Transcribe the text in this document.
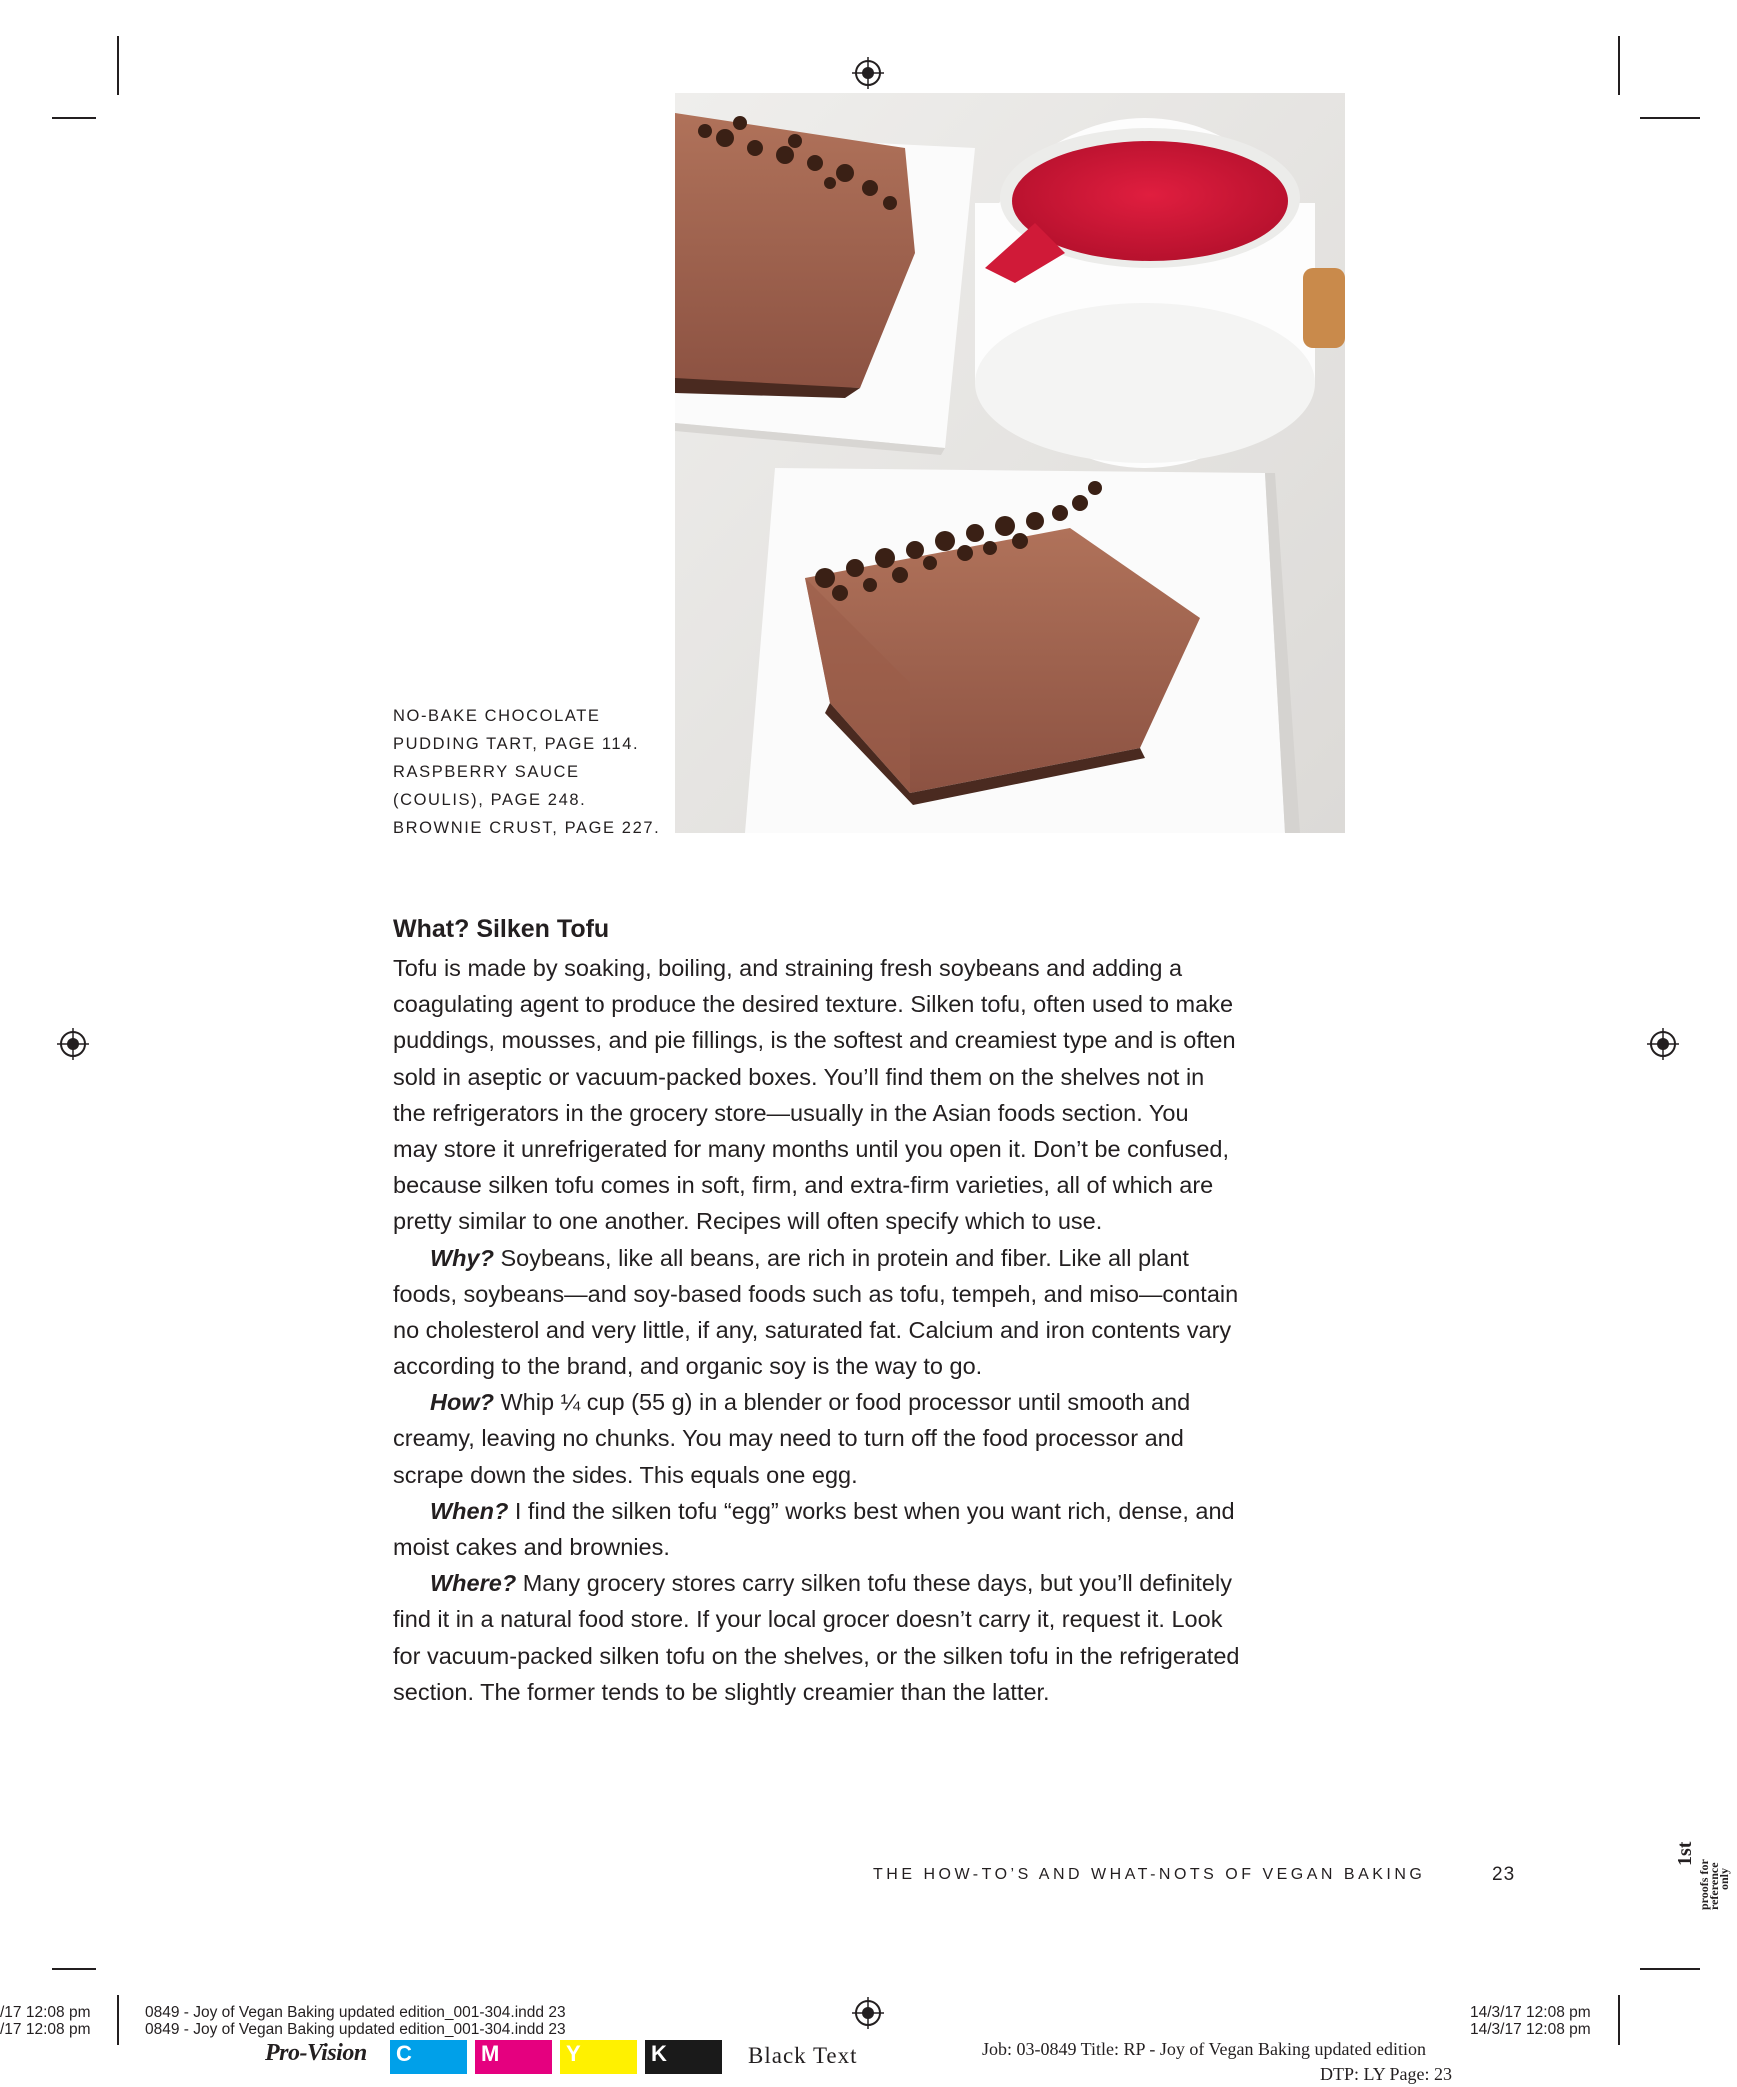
NO-BAKE CHOCOLATE
PUDDING TART, PAGE 114.
RASPBERRY SAUCE
(COULIS), PAGE 248.
BROWNIE CRUST, PAGE 227.
What? Silken Tofu
Tofu is made by soaking, boiling, and straining fresh soybeans and adding a
coagulating agent to produce the desired texture. Silken tofu, often used to make
puddings, mousses, and pie fillings, is the softest and creamiest type and is often
sold in aseptic or vacuum-packed boxes. You’ll find them on the shelves not in
the refrigerators in the grocery store—usually in the Asian foods section. You
may store it unrefrigerated for many months until you open it. Don’t be confused,
because silken tofu comes in soft, firm, and extra-firm varieties, all of which are
pretty similar to one another. Recipes will often specify which to use.
Why? Soybeans, like all beans, are rich in protein and fiber. Like all plant
foods, soybeans—and soy-based foods such as tofu, tempeh, and miso—contain
no cholesterol and very little, if any, saturated fat. Calcium and iron contents vary
according to the brand, and organic soy is the way to go.
How? Whip ¼ cup (55 g) in a blender or food processor until smooth and
creamy, leaving no chunks. You may need to turn off the food processor and
scrape down the sides. This equals one egg.
When? I find the silken tofu “egg” works best when you want rich, dense, and
moist cakes and brownies.
Where? Many grocery stores carry silken tofu these days, but you’ll definitely
find it in a natural food store. If your local grocer doesn’t carry it, request it. Look
for vacuum-packed silken tofu on the shelves, or the silken tofu in the refrigerated
section. The former tends to be slightly creamier than the latter.
THE HOW-TO’S AND WHAT-NOTS OF VEGAN BAKING	23
1st
proofs for
reference
only
/17 12:08 pm
/17 12:08 pm
0849 - Joy of Vegan Baking updated edition_001-304.indd 23
0849 - Joy of Vegan Baking updated edition_001-304.indd 23
14/3/17 12:08 pm
14/3/17 12:08 pm
Pro-Vision C	M	Y	K	Black Text	Job: 03-0849 Title: RP - Joy of Vegan Baking updated edition
DTP: LY Page: 23
